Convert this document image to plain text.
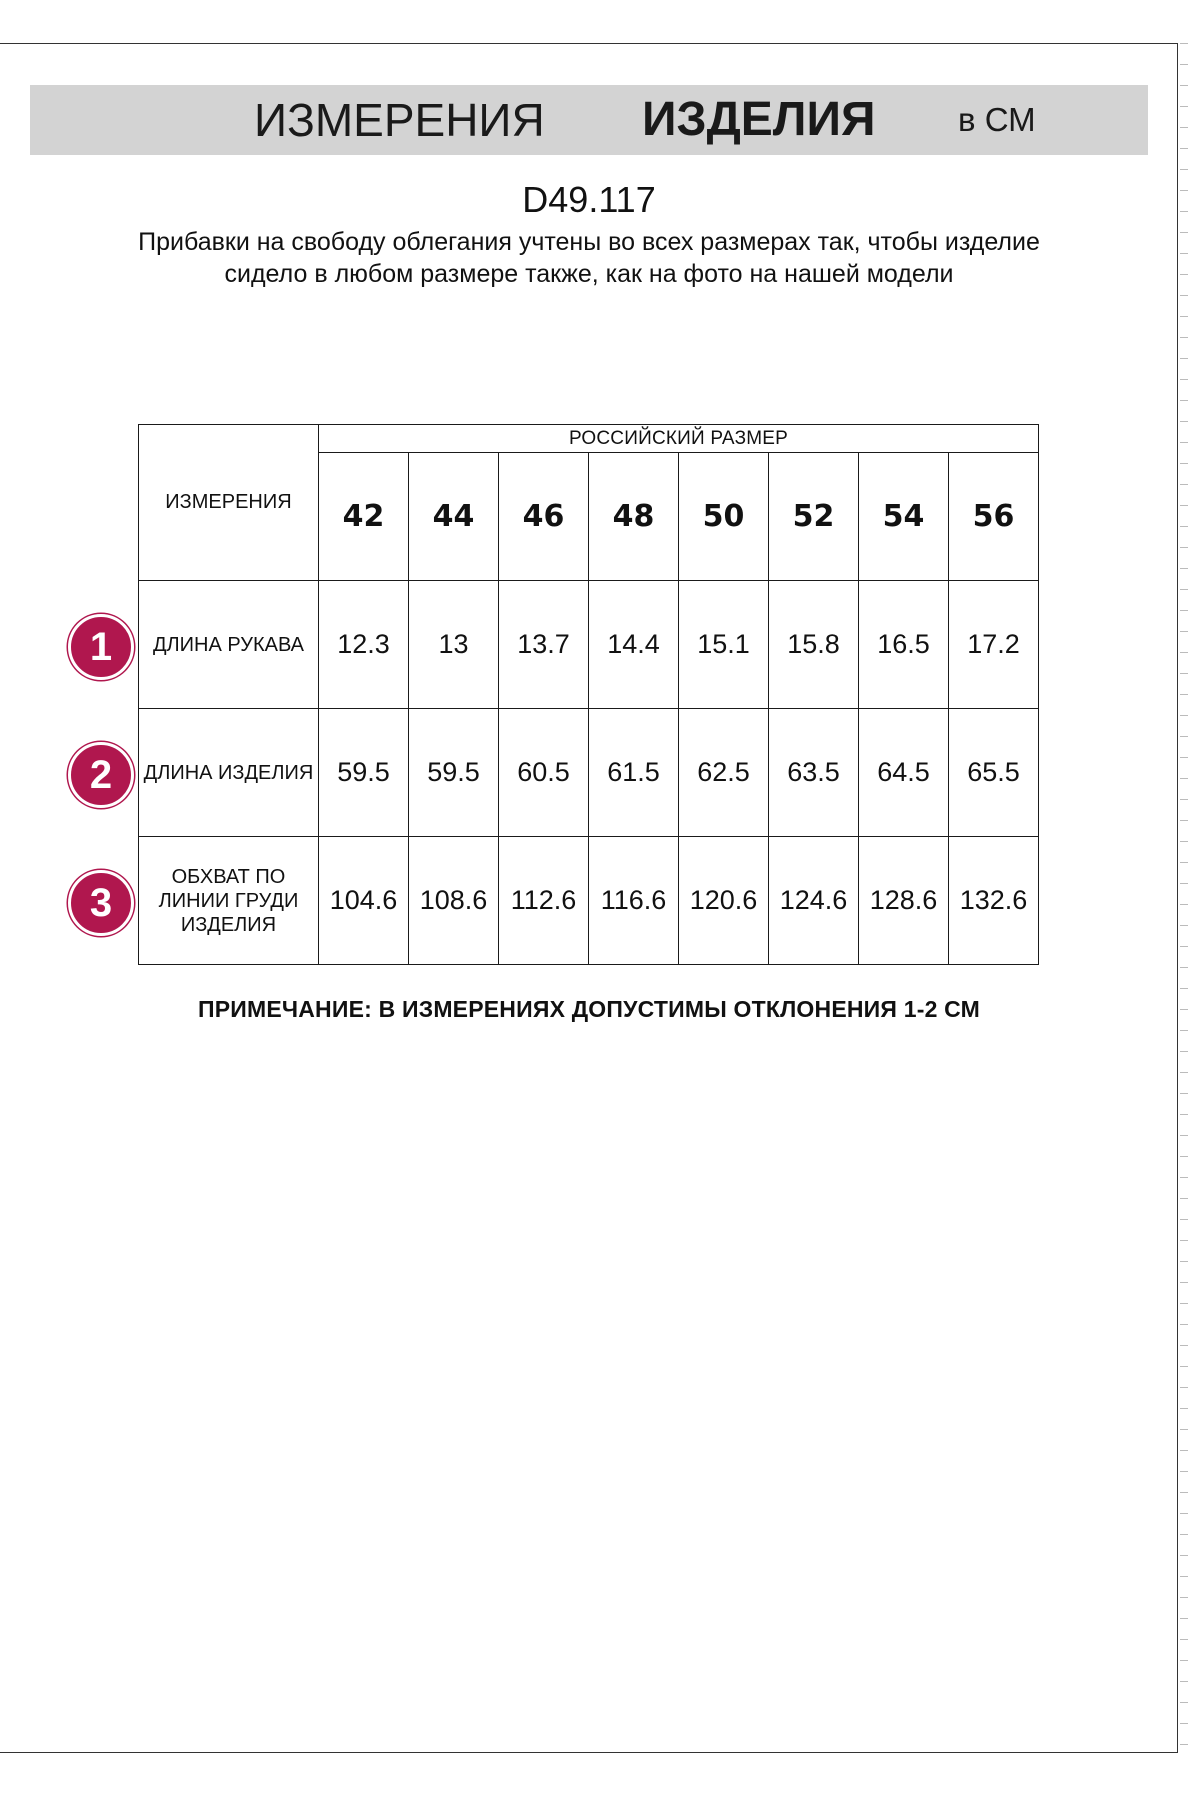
ИЗМЕРЕНИЯ ИЗДЕЛИЯ	в СМ
D49.117
Прибавки на свободу облегания учтены во всех размерах так, чтобы изделие сидело в любом размере также, как на фото на нашей модели
ИЗМЕРЕНИЯ	РОССИЙСКИЙ РАЗМЕР							
	42	44	46	48	50	52	54	56
ДЛИНА РУКАВА	12.3	13	13.7	14.4	15.1	15.8	16.5	17.2
ДЛИНА ИЗДЕЛИЯ	59.5	59.5	60.5	61.5	62.5	63.5	64.5	65.5
ОБХВАТ ПО ЛИНИИ ГРУДИ ИЗДЕЛИЯ	104.6	108.6	112.6	116.6	120.6	124.6	128.6	132.6
1
2
3
ПРИМЕЧАНИЕ: В ИЗМЕРЕНИЯХ ДОПУСТИМЫ ОТКЛОНЕНИЯ 1-2 СМ
